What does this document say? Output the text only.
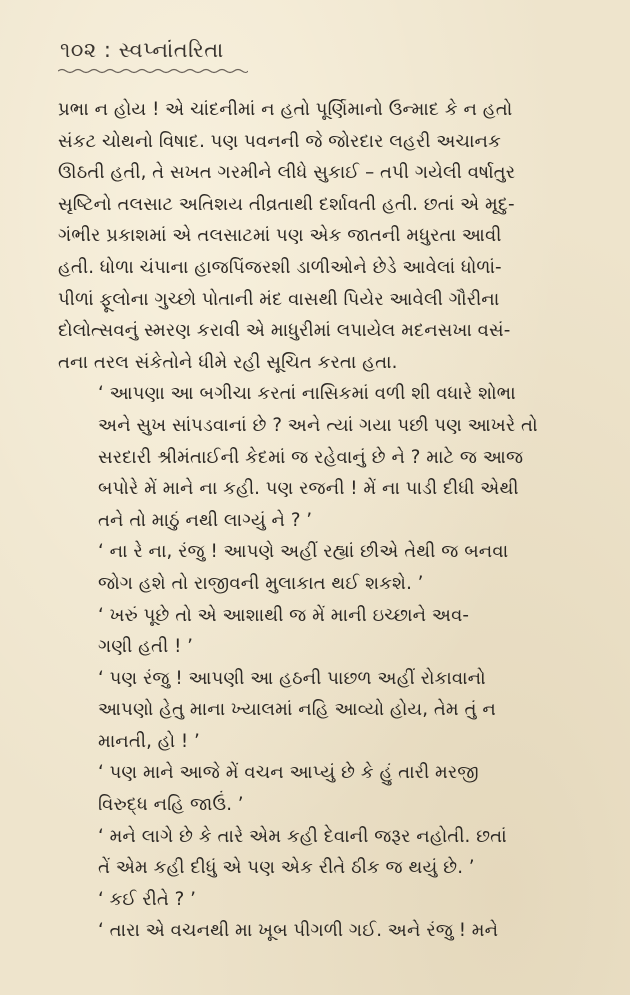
૧૦૨ : સ્વપ્નાંતરિતા

પ્રભા ન હોય ! એ ચાંદનીમાં ન હતો પૂર્ણિમાનો ઉન્માદ કે ન હતો
સંકટ ચોથનો વિષાદ. પણ પવનની જે જોરદાર લહરી અચાનક
ઊઠતી હતી, તે સખત ગરમીને લીધે સુકાઈ – તપી ગયેલી વર્ષાતુર
સૃષ્ટિનો તલસાટ અતિશય તીવ્રતાથી દર્શાવતી હતી. છતાં એ મૃદુ-
ગંભીર પ્રકાશમાં એ તલસાટમાં પણ એક જાતની મધુરતા આવી
હતી. ધોળા ચંપાના હાજપિંજરશી ડાળીઓને છેડે આવેલાં ધોળાં-
પીળાં ફૂલોના ગુચ્છો પોતાની મંદ વાસથી પિયેર આવેલી ગૌરીના
દોલોત્સવનું સ્મરણ કરાવી એ માધુરીમાં લપાયેલ મદનસખા વસં-
તના તરલ સંકેતોને ધીમે રહી સૂચિત કરતા હતા.

‘ આપણા આ બગીચા કરતાં નાસિકમાં વળી શી વધારે શોભા
અને સુખ સાંપડવાનાં છે ? અને ત્યાં ગયા પછી પણ આખરે તો
સરદારી શ્રીમંતાઈની કેદમાં જ રહેવાનું છે ને ? માટે જ આજ
બપોરે મેં માને ના કહી. પણ રજની ! મેં ના પાડી દીધી એથી
તને તો માઠું નથી લાગ્યું ને ? ’

‘ ના રે ના, રંજુ ! આપણે અહીં રહ્યાં છીએ તેથી જ બનવા
જોગ હશે તો રાજીવની મુલાકાત થઈ શકશે. ’

‘ ખરું પૂછે તો એ આશાથી જ મેં માની ઇચ્છાને અવ-
ગણી હતી ! ’

‘ પણ રંજુ ! આપણી આ હઠની પાછળ અહીં રોકાવાનો
આપણો હેતુ માના ખ્યાલમાં નહિ આવ્યો હોય, તેમ તું ન
માનતી, હો ! ’

‘ પણ માને આજે મેં વચન આપ્યું છે કે હું તારી મરજી
વિરુદ્ધ નહિ જાઉં. ’

‘ મને લાગે છે કે તારે એમ કહી દેવાની જરૂર નહોતી. છતાં
તેં એમ કહી દીધું એ પણ એક રીતે ઠીક જ થયું છે. ’

‘ કઈ રીતે ? ’

‘ તારા એ વચનથી મા ખૂબ પીગળી ગઈ. અને રંજુ ! મને
